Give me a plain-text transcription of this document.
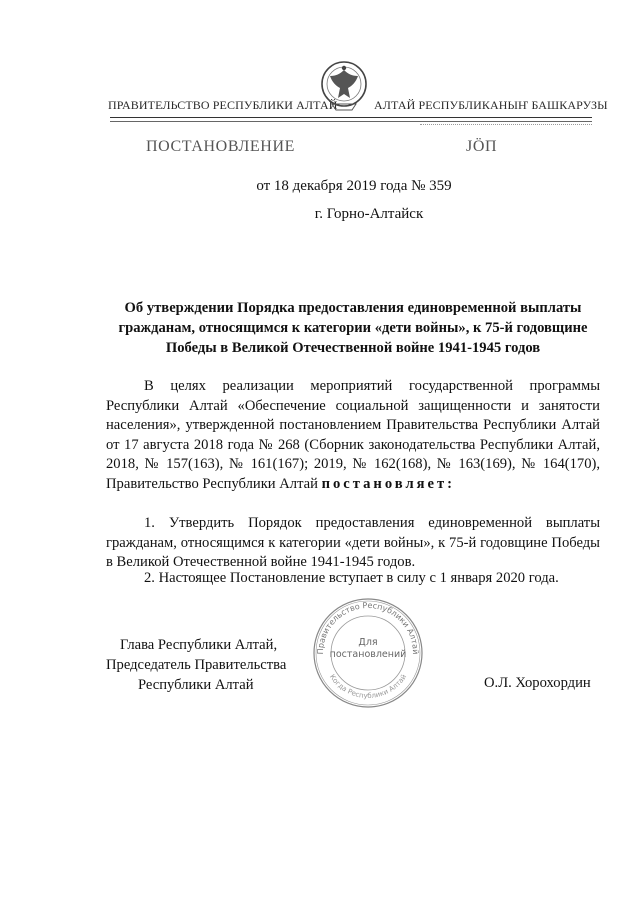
ПРАВИТЕЛЬСТВО РЕСПУБЛИКИ АЛТАЙ	АЛТАЙ РЕСПУБЛИКАНЫҤ БАШКАРУЗЫ
ПОСТАНОВЛЕНИЕ	JӦП
от 18 декабря 2019 года № 359
г. Горно-Алтайск
Об утверждении Порядка предоставления единовременной выплаты гражданам, относящимся к категории «дети войны», к 75-й годовщине Победы в Великой Отечественной войне 1941-1945 годов
В целях реализации мероприятий государственной программы Республики Алтай «Обеспечение социальной защищенности и занятости населения», утвержденной постановлением Правительства Республики Алтай от 17 августа 2018 года № 268 (Сборник законодательства Республики Алтай, 2018, № 157(163), № 161(167); 2019, № 162(168), № 163(169), № 164(170), Правительство Республики Алтай постановляет:
1. Утвердить Порядок предоставления единовременной выплаты гражданам, относящимся к категории «дети войны», к 75-й годовщине Победы в Великой Отечественной войне 1941-1945 годов.
2. Настоящее Постановление вступает в силу с 1 января 2020 года.
Правительство Республики Алтай
Когда Республики Алтай
Для
постановлений
Глава Республики Алтай,
Председатель Правительства
Республики Алтай	О.Л. Хорохордин
